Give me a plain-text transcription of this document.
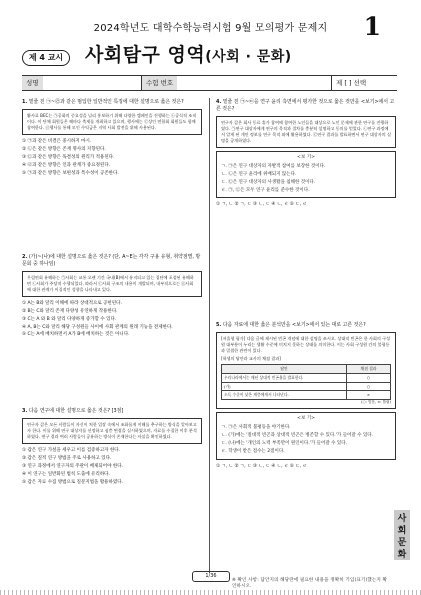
2024학년도 대학수학능력시험 9월 모의평가 문제지	1
제 4 교시	사회탐구 영역(사회 · 문화)
성명	수험 번호	제 [ ] 선택
1. 밑줄 친 ㉠~㉣과 같은 범입한 일반적인 특징에 대한 설명으로 옳은 것은?
활사료 BEC는 ㉠공화의 중요성을 널리 홍보하기 위해 다양한 캠페인을 진행하는 ㉡공식적 조직이다. 이 단체 회원들은 해마다 축제를 개최하고 있으며, 행사에는 ㉢상인 연합회 회원들도 함께 참여한다. ㉣행사를 통해 모인 수익금은 지역 사회 발전을 위해 사용된다.
① ㉠과 같은 비결은 중시하지 마시.
② ㉡은 같은 방향은 존재 명사의 지향된다.
③ ㉢과 같은 방향은 독결성의 원리가 적용된다.
④ ㉣과 같은 방향은 인과 관계가 중요정된다.
⑤ ㉠과 같은 방향은 보편성과 특수성이 공존한다.
2. (가)~(나)에 대한 설명으로 옳은 것은? (단, A~E는 각각 구용 유형, 취약점별, 방문회 중 하나임)
우림연회 유해하는 ㉠사회는 교통 오랜 기간 국내(B)에서 유지되고 있는 집단에 포섭된 유해하면 ㉡사회가 주당적 수행되었다. 따라서 ㉢사회 구조의 내용이 개발되며, 내부적으로는 ㉣사회에 대한 관계가 이질적인 성향을 나타내고 있다.
① A는 B와 달리 이해에 따라 상대적으로 공헌된다.
② B는 C와 달리 존재 다양성 유연하게 작용한다.
③ C는 A 와 B 와 달리 다양하게 증가할 수 있다.
④ A, B는 C와 달리 해당 구성원들 사이에 사회 관계의 원래 기능을 전제한다.
⑤ C는 A에 배치하면서 A가 B에 배치하는 것은 아니다.
3. 다음 연구에 대한 설명으로 옳은 것은? [3점]
연구자 갑은 모든 사람들이 자신이 처한 입장 속에서 조화롭게 이해를 추구하는 방식을 알아보고자 한다. 이를 위해 연구 대상자를 선정하고 심층 면접을 실시하였으며, 자료를 수집한 이후 분석하였다. 연구 결과 여러 사람들이 공유하는 방식이 존재한다는 사실을 확인하였다.
① 갑은 연구 가설을 세우고 이를 검증하고자 한다.
② 갑은 질적 연구 방법을 주로 사용하고 있다.
③ 연구 과정에서 연구자의 주관이 배제되어야 한다.
④ 이 연구는 일반화된 법칙 도출에 유리하다.
⑤ 갑은 자료 수집 방법으로 질문지법을 활용하였다.
4. 밑줄 친 ㉠~㉢을 연구 윤리 측면에서 평가한 것으로 옳은 것만을 <보기>에서 고른 것은?
연구자 갑은 회사 동료 휴가 참여에 참여한 노인들을 대상으로 노인 문제에 관한 연구를 진행하였다. ㉠연구 대상자에게 연구의 목적과 절차를 충분히 설명하고 동의를 얻었다. ㉡연구 과정에서 알게 된 개인 정보를 연구 목적 외에 활용하였다. ㉢연구 결과를 발표하면서 연구 대상자의 실명을 공개하였다.
<보 기>
ㄱ. ㉠은 연구 대상자의 자발적 참여를 보장한 것이다.
ㄴ. ㉡은 연구 윤리에 위배되지 않는다.
ㄷ. ㉢은 연구 대상자의 사생활을 침해한 것이다.
ㄹ. ㉠, ㉢은 모두 연구 윤리를 준수한 것이다.
① ㄱ, ㄴ ② ㄱ, ㄷ ③ ㄴ, ㄷ ④ ㄴ, ㄹ ⑤ ㄷ, ㄹ
5. 다음 자료에 대한 옳은 분석만을 <보기>에서 있는 대로 고른 것은?
[서울형 평가] 다음 글에 제시된 빈곤 개념에 대한 설명을 쓰시오. 상대적 빈곤은 한 사회의 구성원 대부분이 누리는 생활 수준에 미치지 못하는 상태를 의미한다. 이는 사회 구성원 간의 불평등과 밀접한 관련이 있다.
[학생의 답안과 교사의 채점 결과]
답안	채점 결과
우리나라에서는 매년 상대적 빈곤율을 발표한다.	○
(가)	○
소득 수준이 낮은 계층에게서 나타난다.	×
(○: 맞음, ×: 틀림)
<보 기>
ㄱ. ㉠은 사회적 불평등을 야기한다.
ㄴ. (가)에는 '절대적 빈곤과 상대적 빈곤은 병존할 수 있다.'가 들어갈 수 있다.
ㄷ. (나)에는 '개인의 노력 부족만이 원인이다.'가 들어갈 수 있다.
ㄹ. 학생이 받은 점수는 2점이다.
① ㄱ, ㄴ ② ㄱ, ㄷ ③ ㄴ, ㄷ ④ ㄴ, ㄹ ⑤ ㄷ, ㄹ
사회 문화
1/36
※ 확인 사항: 답안지의 해당란에 필요한 내용을 정확히 기입(표기)했는지 확인하시오.
